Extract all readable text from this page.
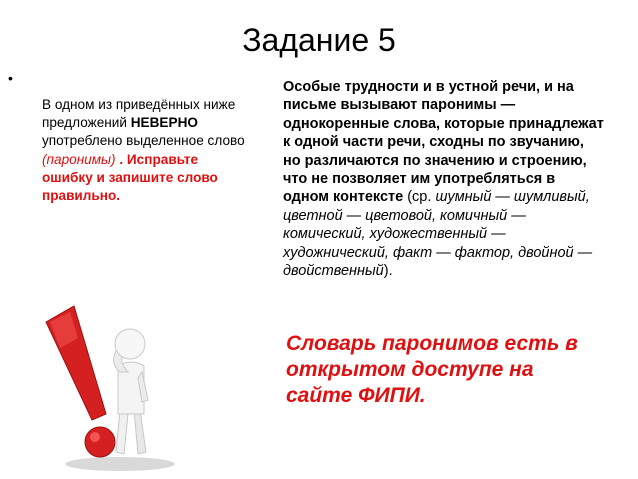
Задание 5
•
В одном из приведённых ниже предложений НЕВЕРНО употреблено выделенное слово (паронимы) . Исправьте ошибку и запишите слово правильно.
Особые трудности и в устной речи, и на письме вызывают паронимы — однокоренные слова, которые принадлежат к одной части речи, сходны по звучанию, но различаются по значению и строению, что не позволяет им употребляться в одном контексте (ср. шумный — шумливый, цветной — цветовой, комичный — комический, художественный — художнический, факт — фактор, двойной — двойственный).
Словарь паронимов есть в открытом доступе на сайте ФИПИ.
